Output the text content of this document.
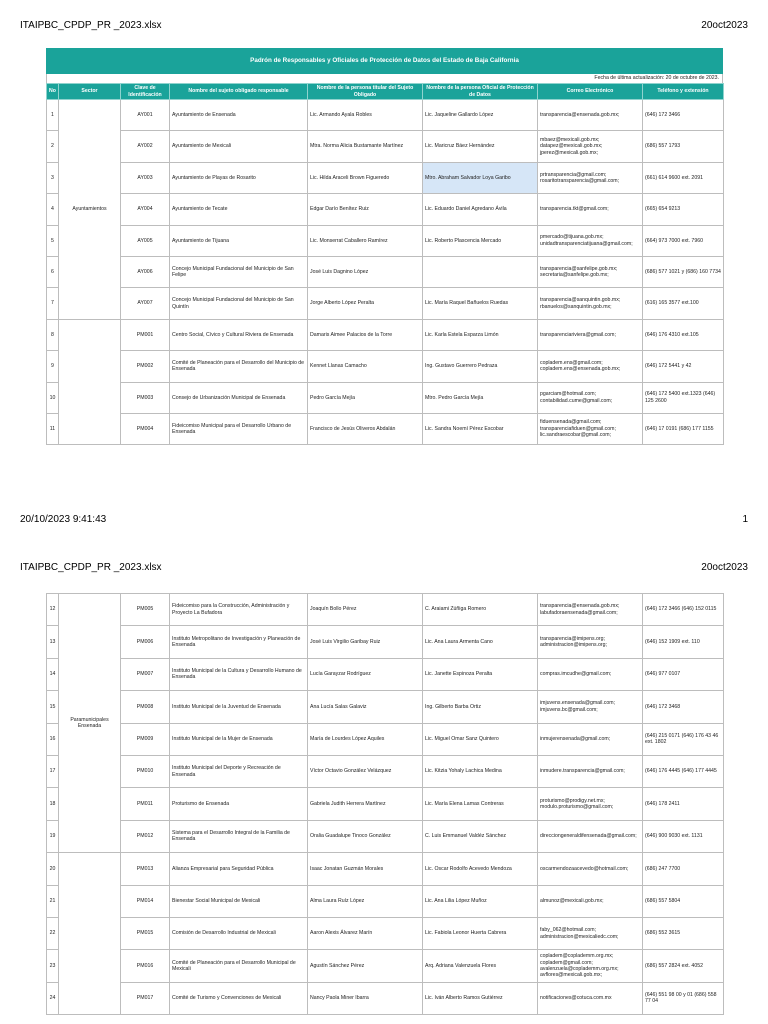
ITAIPBC_CPDP_PR _2023.xlsx	20oct2023
Padrón de Responsables y Oficiales de Protección de Datos del Estado de Baja California
Fecha de última actualización: 20 de octubre de 2023.
No	Sector	Clave de Identificación	Nombre del sujeto obligado responsable	Nombre de la persona titular del Sujeto Obligado	Nombre de la persona Oficial de Protección de Datos	Correo Electrónico	Teléfono y extensión
1	Ayuntamientos	AY001	Ayuntamiento de Ensenada	Lic. Armando Ayala Robles	Lic. Jaqueline Gallardo López	transparencia@ensenada.gob.mx;	(646) 172 3466
2		AY002	Ayuntamiento de Mexicali	Mtra. Norma Alicia Bustamante Martínez	Lic. Maricruz Báez Hernández	mbaez@mexicali.gob.mx; datapez@mexicali.gob.mx; jperez@mexicali.gob.mx;	(686) 557 1793
3		AY003	Ayuntamiento de Playas de Rosarito	Lic. Hilda Araceli Brown Figueredo	Mtro. Abraham Salvador Loya Garibo	prtransparencia@gmail.com; rosaritotransparencia@gmail.com;	(661) 614 9600 ext. 2091
4		AY004	Ayuntamiento de Tecate	Edgar Darío Benítez Ruiz	Lic. Eduardo Daniel Agredano Ávila	transparencia.tkt@gmail.com;	(665) 654 9213
5		AY005	Ayuntamiento de Tijuana	Lic. Monserrat Caballero Ramírez	Lic. Roberto Plascencia Mercado	pmercado@tijuana.gob.mx; unidadtransparenciatijuana@gmail.com;	(664) 973 7000 ext. 7960
6		AY006	Concejo Municipal Fundacional del Municipio de San Felipe	José Luis Dagnino López		transparencia@sanfelipe.gob.mx; secretaria@sanfelipe.gob.mx;	(686) 577 1021 y (686) 160 7734
7		AY007	Concejo Municipal Fundacional del Municipio de San Quintín	Jorge Alberto López Peralta	Lic. María Raquel Bañuelos Ruedas	transparencia@sanquintin.gob.mx; rbanuelos@sanquintin.gob.mx;	(616) 165 3577 ext.100
8		PM001	Centro Social, Cívico y Cultural Riviera de Ensenada	Damaris Aimee Palacios de la Torre	Lic. Karla Estela Esparza Limón	transparenciariviera@gmail.com;	(646) 176 4310 ext.105
9		PM002	Comité de Planeación para el Desarrollo del Municipio de Ensenada	Kennet Llanas Camacho	Ing. Gustavo Guerrero Pedraza	copladem.ens@gmail.com; copladem.ens@ensenada.gob.mx;	(646) 172 5441 y 42
10		PM003	Consejo de Urbanización Municipal de Ensenada	Pedro García Mejía	Mtro. Pedro García Mejía	pgarciam@hotmail.com; contabilidad.cume@gmail.com;	(646) 172 5400 ext.1323 (646) 125 2600
11		PM004	Fideicomiso Municipal para el Desarrollo Urbano de Ensenada	Francisco de Jesús Oliveros Abdalán	Lic. Sandra Noemí Pérez Escobar	fiduensenada@gmail.com; transparenciafiduen@gmail.com; lic.sandraescobar@gmail.com;	(646) 17 0191 (686) 177 1155
20/10/2023 9:41:43	1
ITAIPBC_CPDP_PR _2023.xlsx	20oct2023
12	Paramunicipales Ensenada	PM005	Fideicomiso para la Construcción, Administración y Proyecto La Bufadora	Joaquín Bollo Pérez	C. Araiami Zúñiga Romero	transparencia@ensenada.gob.mx; labufadoraensenada@gmail.com;	(646) 172 3466 (646) 152 0115
13		PM006	Instituto Metropolitano de Investigación y Planeación de Ensenada	José Luis Virgilio Garibay Ruiz	Lic. Ana Laura Armenta Cano	transparencia@imipens.org; administracion@imipens.org;	(646) 152 1909 ext. 110
14		PM007	Instituto Municipal de la Cultura y Desarrollo Humano de Ensenada	Lucía Garayzar Rodríguez	Lic. Janette Espinoza Peralta	compras.imcudhe@gmail.com;	(646) 977 0107
15		PM008	Instituto Municipal de la Juventud de Ensenada	Ana Lucía Salas Galaviz	Ing. Gilberto Barba Ortiz	imjuvens.ensenada@gmail.com; imjuvens.bc@gmail.com;	(646) 172 3468
16		PM009	Instituto Municipal de la Mujer de Ensenada	María de Lourdes López Aquiles	Lic. Miguel Omar Sanz Quintero	inmujerensenada@gmail.com;	(646) 215 0171 (646) 176 43 46 ext. 1802
17		PM010	Instituto Municipal del Deporte y Recreación de Ensenada	Víctor Octavio González Velázquez	Lic. Kitzia Yohaly Lachica Medina	inmudere.transparencia@gmail.com;	(646) 176 4445 (646) 177 4445
18		PM011	Proturismo de Ensenada	Gabriela Judith Herrera Martínez	Lic. María Elena Lamas Contreras	proturismo@prodigy.net.mx; modulo.proturismo@gmail.com;	(646) 178 2411
19		PM012	Sistema para el Desarrollo Integral de la Familia de Ensenada	Oralia Guadalupe Tinoco González	C. Luis Emmanuel Valdéz Sánchez	direcciongeneraldifensenada@gmail.com;	(646) 900 9030 ext. 1131
20		PM013	Alianza Empresarial para Seguridad Pública	Isaac Jonatan Guzmán Morales	Lic. Oscar Rodolfo Acevedo Mendoza	oscarmendozaacevedo@hotmail.com;	(686) 247 7700
21		PM014	Bienestar Social Municipal de Mexicali	Alma Laura Ruíz López	Lic. Ana Lilia López Muñoz	almunoz@mexicali.gob.mx;	(686) 557 5804
22		PM015	Comisión de Desarrollo Industrial de Mexicali	Aaron Alexis Álvarez Marín	Lic. Fabiola Leonor Huerta Cabrera	faby_062@hotmail.com; administracion@mexicaliedc.com;	(686) 552 3615
23		PM016	Comité de Planeación para el Desarrollo Municipal de Mexicali	Agustín Sánchez Pérez	Arq. Adriana Valenzuela Flores	copladem@coplademm.org.mx; copladem@gmail.com; avalenzuela@coplademm.org.mx; avflores@mexicali.gob.mx;	(686) 557 2824 ext. 4052
24		PM017	Comité de Turismo y Convenciones de Mexicali	Nancy Paola Miner Ibarra	Lic. Iván Alberto Ramos Gutiérrez	notificaciones@cotuca.com.mx	(646) 551 98 00 y 01 (686) 558 77 04
